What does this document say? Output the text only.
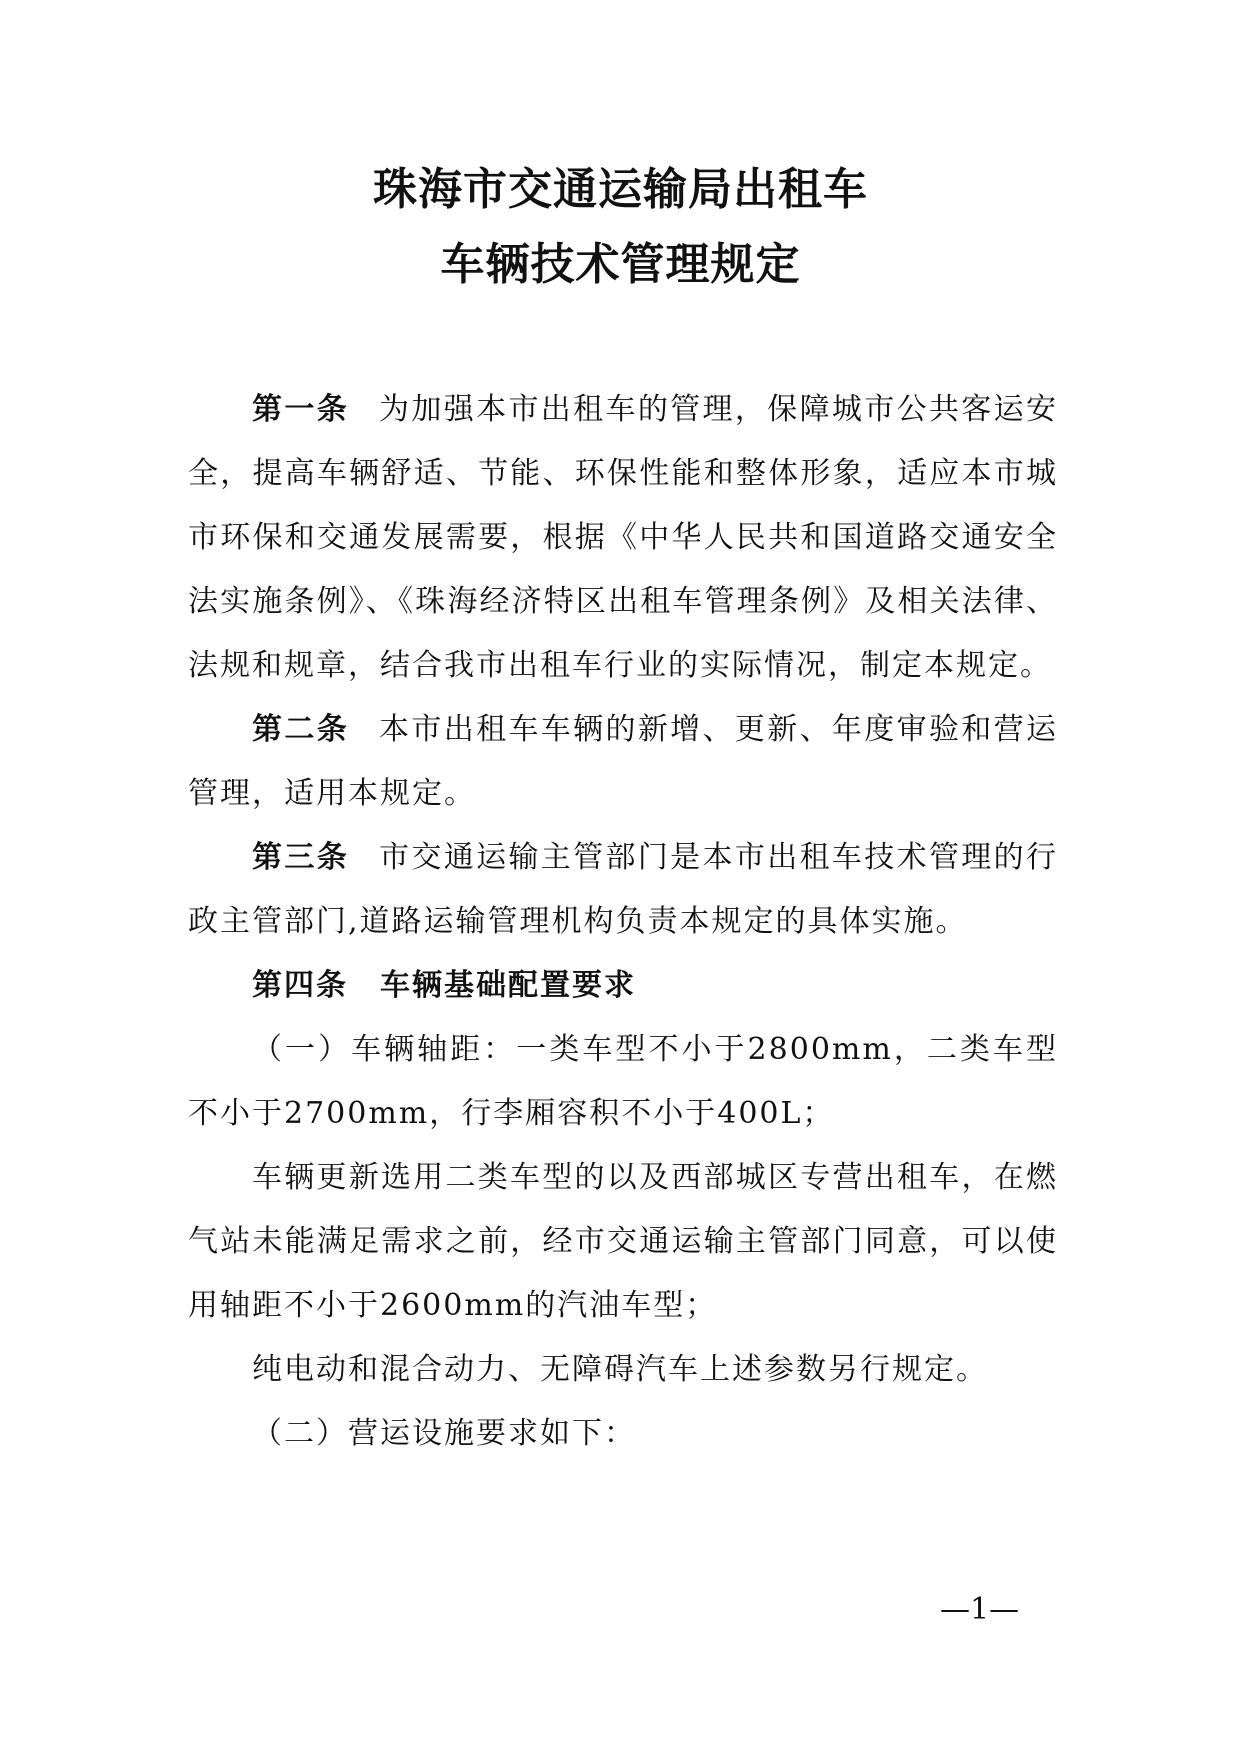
珠海市交通运输局出租车
车辆技术管理规定

第一条 为加强本市出租车的管理，保障城市公共客运安全，提高车辆舒适、节能、环保性能和整体形象，适应本市城市环保和交通发展需要，根据《中华人民共和国道路交通安全法实施条例》、《珠海经济特区出租车管理条例》及相关法律、法规和规章，结合我市出租车行业的实际情况，制定本规定。

第二条 本市出租车车辆的新增、更新、年度审验和营运管理，适用本规定。

第三条 市交通运输主管部门是本市出租车技术管理的行政主管部门,道路运输管理机构负责本规定的具体实施。

第四条　车辆基础配置要求

（一）车辆轴距：一类车型不小于2800mm，二类车型不小于2700mm，行李厢容积不小于400L；

车辆更新选用二类车型的以及西部城区专营出租车，在燃气站未能满足需求之前，经市交通运输主管部门同意，可以使用轴距不小于2600mm的汽油车型；

纯电动和混合动力、无障碍汽车上述参数另行规定。

（二）营运设施要求如下：

—1—
